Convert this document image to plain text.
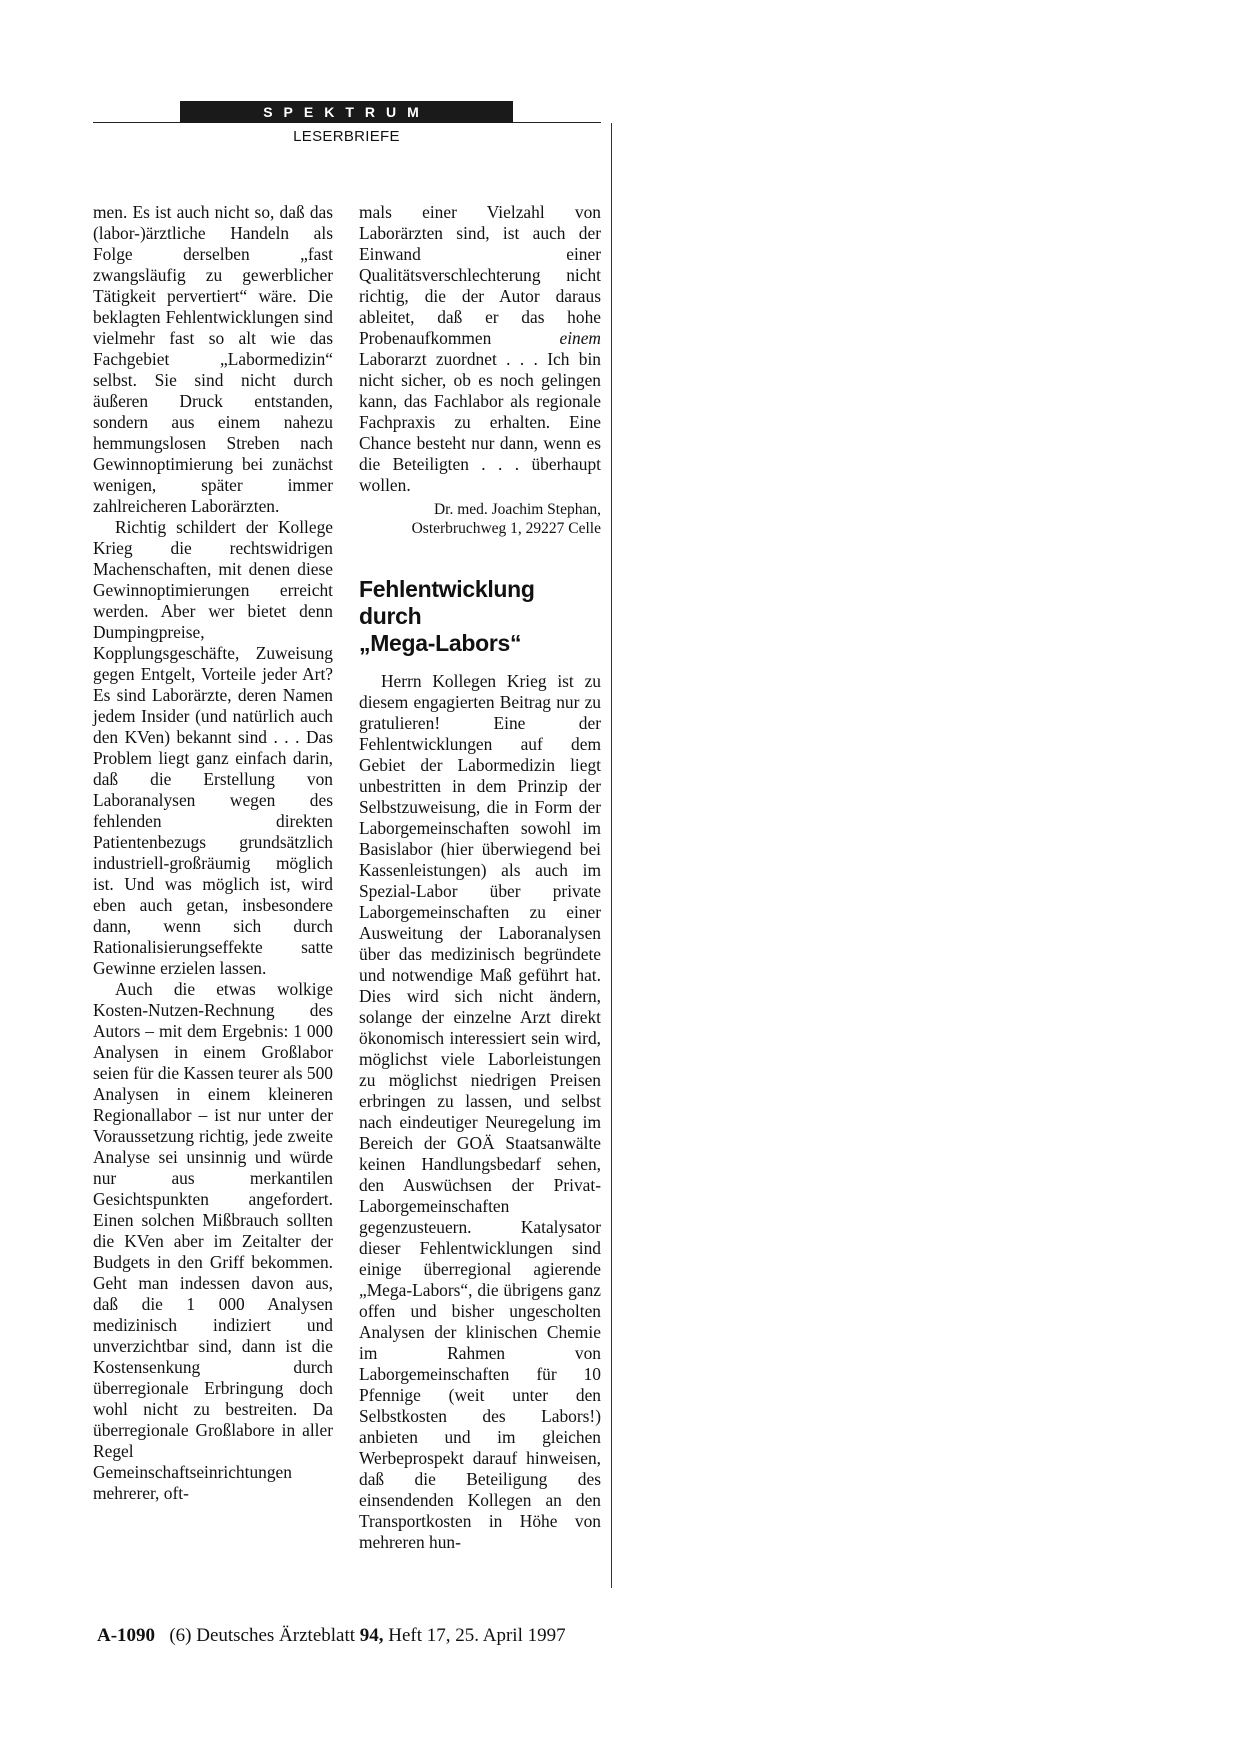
SPEKTRUM
LESERBRIEFE

men. Es ist auch nicht so, daß das (labor-)ärztliche Handeln als Folge derselben „fast zwangsläufig zu gewerblicher Tätigkeit pervertiert“ wäre. Die beklagten Fehlentwicklungen sind vielmehr fast so alt wie das Fachgebiet „Labormedizin“ selbst. Sie sind nicht durch äußeren Druck entstanden, sondern aus einem nahezu hemmungslosen Streben nach Gewinnoptimierung bei zunächst wenigen, später immer zahlreicheren Laborärzten.

Richtig schildert der Kollege Krieg die rechtswidrigen Machenschaften, mit denen diese Gewinnoptimierungen erreicht werden. Aber wer bietet denn Dumpingpreise, Kopplungsgeschäfte, Zuweisung gegen Entgelt, Vorteile jeder Art? Es sind Laborärzte, deren Namen jedem Insider (und natürlich auch den KVen) bekannt sind . . . Das Problem liegt ganz einfach darin, daß die Erstellung von Laboranalysen wegen des fehlenden direkten Patientenbezugs grundsätzlich industriell-großräumig möglich ist. Und was möglich ist, wird eben auch getan, insbesondere dann, wenn sich durch Rationalisierungseffekte satte Gewinne erzielen lassen.

Auch die etwas wolkige Kosten-Nutzen-Rechnung des Autors – mit dem Ergebnis: 1 000 Analysen in einem Großlabor seien für die Kassen teurer als 500 Analysen in einem kleineren Regionallabor – ist nur unter der Voraussetzung richtig, jede zweite Analyse sei unsinnig und würde nur aus merkantilen Gesichtspunkten angefordert. Einen solchen Mißbrauch sollten die KVen aber im Zeitalter der Budgets in den Griff bekommen. Geht man indessen davon aus, daß die 1 000 Analysen medizinisch indiziert und unverzichtbar sind, dann ist die Kostensenkung durch überregionale Erbringung doch wohl nicht zu bestreiten. Da überregionale Großlabore in aller Regel Gemeinschaftseinrichtungen mehrerer, oft-

mals einer Vielzahl von Laborärzten sind, ist auch der Einwand einer Qualitätsverschlechterung nicht richtig, die der Autor daraus ableitet, daß er das hohe Probenaufkommen einem Laborarzt zuordnet . . . Ich bin nicht sicher, ob es noch gelingen kann, das Fachlabor als regionale Fachpraxis zu erhalten. Eine Chance besteht nur dann, wenn es die Beteiligten . . . überhaupt wollen.

Dr. med. Joachim Stephan,
Osterbruchweg 1, 29227 Celle
Fehlentwicklung durch
„Mega-Labors“

Herrn Kollegen Krieg ist zu diesem engagierten Beitrag nur zu gratulieren! Eine der Fehlentwicklungen auf dem Gebiet der Labormedizin liegt unbestritten in dem Prinzip der Selbstzuweisung, die in Form der Laborgemeinschaften sowohl im Basislabor (hier überwiegend bei Kassenleistungen) als auch im Spezial-Labor über private Laborgemeinschaften zu einer Ausweitung der Laboranalysen über das medizinisch begründete und notwendige Maß geführt hat. Dies wird sich nicht ändern, solange der einzelne Arzt direkt ökonomisch interessiert sein wird, möglichst viele Laborleistungen zu möglichst niedrigen Preisen erbringen zu lassen, und selbst nach eindeutiger Neuregelung im Bereich der GOÄ Staatsanwälte keinen Handlungsbedarf sehen, den Auswüchsen der Privat-Laborgemeinschaften gegenzusteuern. Katalysator dieser Fehlentwicklungen sind einige überregional agierende „Mega-Labors“, die übrigens ganz offen und bisher ungescholten Analysen der klinischen Chemie im Rahmen von Laborgemeinschaften für 10 Pfennige (weit unter den Selbstkosten des Labors!) anbieten und im gleichen Werbeprospekt darauf hinweisen, daß die Beteiligung des einsendenden Kollegen an den Transportkosten in Höhe von mehreren hun-

A-1090 (6) Deutsches Ärzteblatt 94, Heft 17, 25. April 1997
